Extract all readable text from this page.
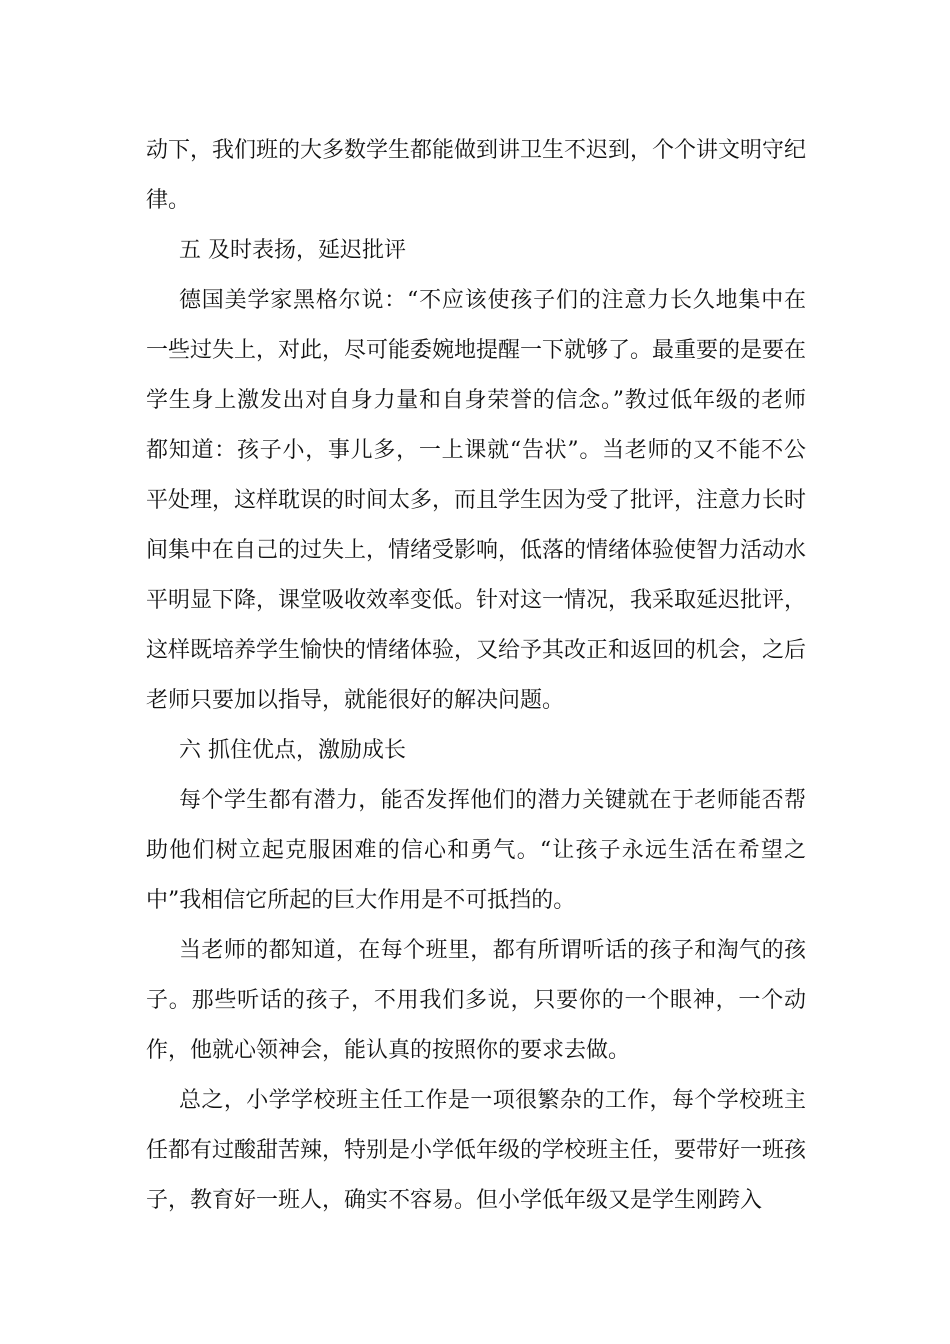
动下，我们班的大多数学生都能做到讲卫生不迟到，个个讲文明守纪律。

五 及时表扬，延迟批评

德国美学家黑格尔说：“不应该使孩子们的注意力长久地集中在一些过失上，对此，尽可能委婉地提醒一下就够了。最重要的是要在学生身上激发出对自身力量和自身荣誉的信念。”教过低年级的老师都知道：孩子小，事儿多，一上课就“告状”。当老师的又不能不公平处理，这样耽误的时间太多，而且学生因为受了批评，注意力长时间集中在自己的过失上，情绪受影响，低落的情绪体验使智力活动水平明显下降，课堂吸收效率变低。针对这一情况，我采取延迟批评，这样既培养学生愉快的情绪体验，又给予其改正和返回的机会，之后老师只要加以指导，就能很好的解决问题。

六 抓住优点，激励成长

每个学生都有潜力，能否发挥他们的潜力关键就在于老师能否帮助他们树立起克服困难的信心和勇气。“让孩子永远生活在希望之中”我相信它所起的巨大作用是不可抵挡的。

当老师的都知道，在每个班里，都有所谓听话的孩子和淘气的孩子。那些听话的孩子，不用我们多说，只要你的一个眼神，一个动作，他就心领神会，能认真的按照你的要求去做。

总之，小学学校班主任工作是一项很繁杂的工作，每个学校班主任都有过酸甜苦辣，特别是小学低年级的学校班主任，要带好一班孩子，教育好一班人，确实不容易。但小学低年级又是学生刚跨入
